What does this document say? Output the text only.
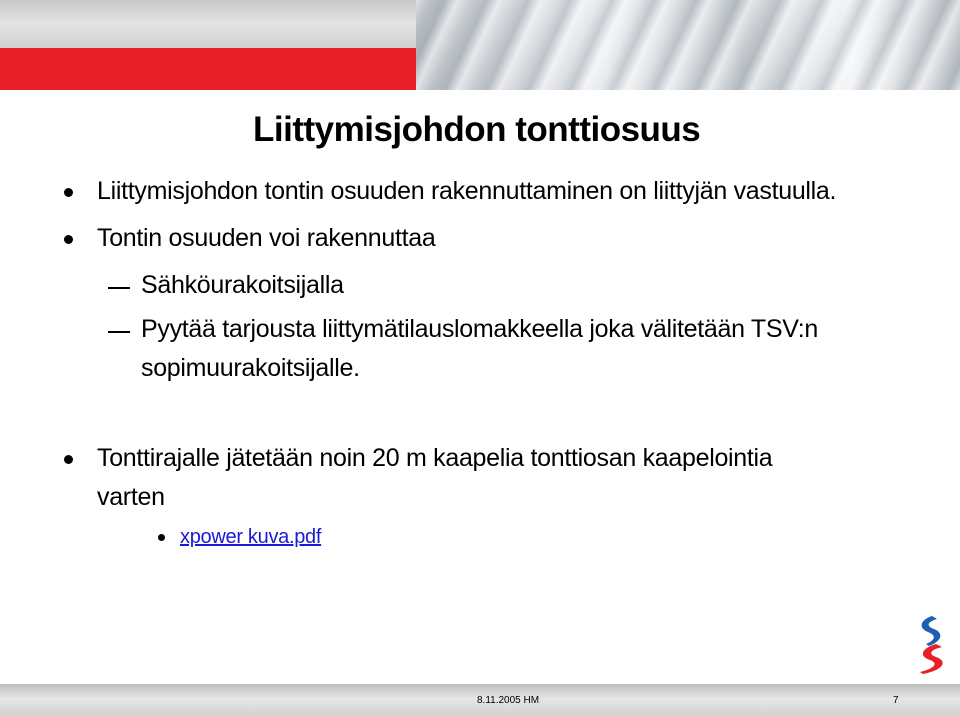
Liittymisjohdon tonttiosuus
Liittymisjohdon tontin osuuden rakennuttaminen on liittyjän vastuulla.
Tontin osuuden voi rakennuttaa
Sähköurakoitsijalla
Pyytää tarjousta liittymätilauslomakkeella joka välitetään TSV:n
sopimuurakoitsijalle.
Tonttirajalle jätetään noin 20 m kaapelia tonttiosan kaapelointia
varten
xpower kuva.pdf
8.11.2005 HM	7
